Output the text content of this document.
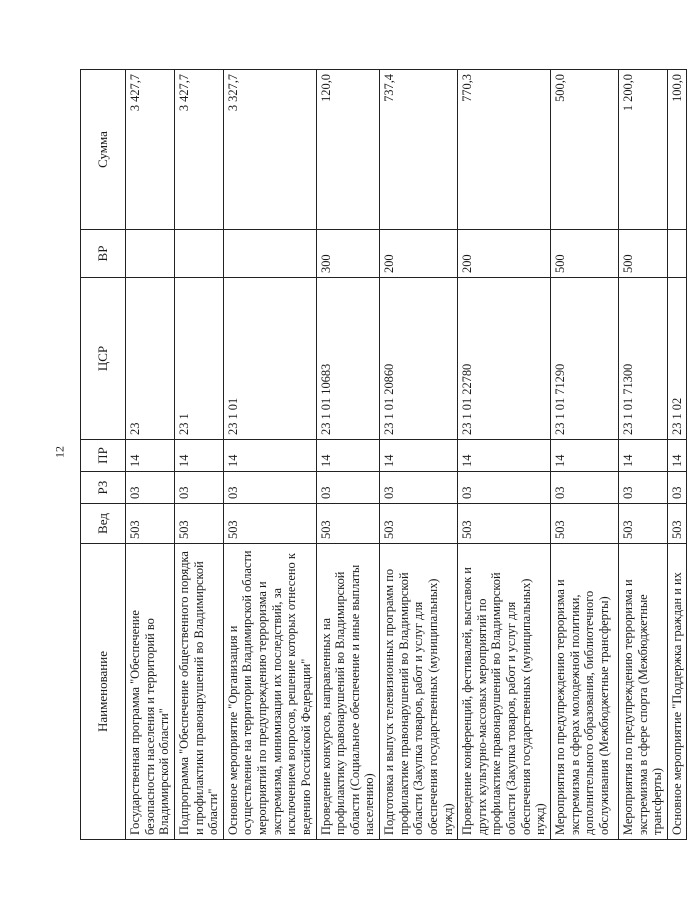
12
Наименование	Вед	РЗ	ПР	ЦСР	ВР	Сумма
Государственная программа "Обеспечение безопасности населения и территорий во Владимирской области"	503	03	14	23		3 427,7
Подпрограмма "Обеспечение общественного порядка и профилактики правонарушений во Владимирской области"	503	03	14	23 1		3 427,7
Основное мероприятие "Организация и осуществление на территории Владимирской области мероприятий по предупреждению терроризма и экстремизма, минимизации их последствий, за исключением вопросов, решение которых отнесено к ведению Российской Федерации"	503	03	14	23 1 01		3 327,7
Проведение конкурсов, направленных на профилактику правонарушений во Владимирской области (Социальное обеспечение и иные выплаты населению)	503	03	14	23 1 01 10683	300	120,0
Подготовка и выпуск телевизионных программ по профилактике правонарушений во Владимирской области (Закупка товаров, работ и услуг для обеспечения государственных (муниципальных) нужд)	503	03	14	23 1 01 20860	200	737,4
Проведение конференций, фестивалей, выставок и других культурно-массовых мероприятий по профилактике правонарушений во Владимирской области (Закупка товаров, работ и услуг для обеспечения государственных (муниципальных) нужд)	503	03	14	23 1 01 22780	200	770,3
Мероприятия по предупреждению терроризма и экстремизма в сферах молодежной политики, дополнительного образования, библиотечного обслуживания (Межбюджетные трансферты)	503	03	14	23 1 01 71290	500	500,0
Мероприятия по предупреждению терроризма и экстремизма в сфере спорта (Межбюджетные трансферты)	503	03	14	23 1 01 71300	500	1 200,0
Основное мероприятие "Поддержка граждан и их	503	03	14	23 1 02		100,0
